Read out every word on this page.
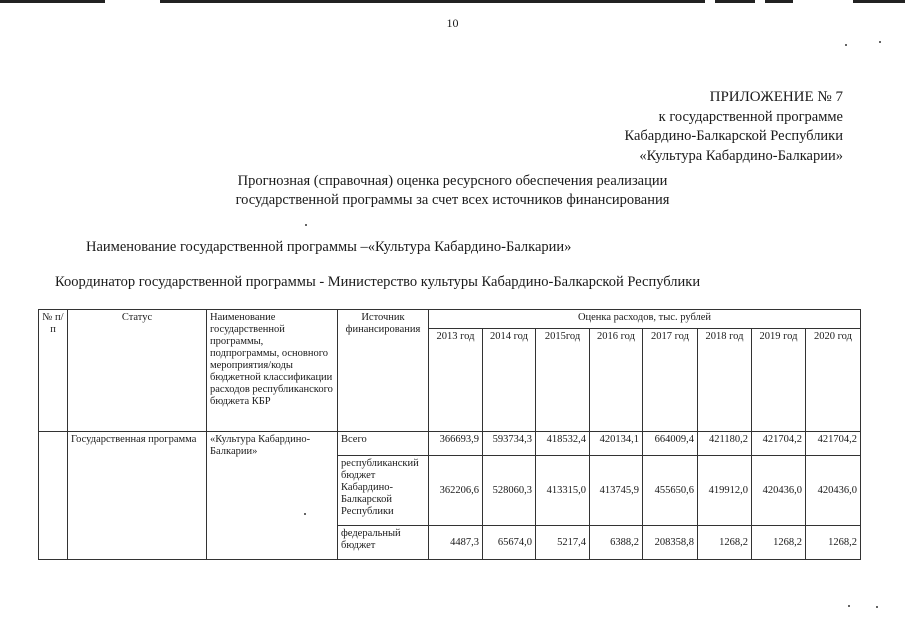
10
ПРИЛОЖЕНИЕ № 7
к государственной программе
Кабардино-Балкарской Республики
«Культура Кабардино-Балкарии»
Прогнозная (справочная) оценка ресурсного обеспечения реализации
государственной программы за счет всех источников финансирования
Наименование государственной программы –«Культура Кабардино-Балкарии»
Координатор государственной программы - Министерство культуры Кабардино-Балкарской Республики
№ п/п	Статус	Наименование государственной программы, подпрограммы, основного мероприятия/коды бюджетной классификации расходов республиканского бюджета КБР	Источник финансирования	Оценка расходов, тыс. рублей							
				2013 год	2014 год	2015год	2016 год	2017 год	2018 год	2019 год	2020 год
	Государственная программа	«Культура Кабардино-Балкарии»	Всего	366693,9	593734,3	418532,4	420134,1	664009,4	421180,2	421704,2	421704,2
			республиканский бюджет Кабардино-Балкарской Республики	362206,6	528060,3	413315,0	413745,9	455650,6	419912,0	420436,0	420436,0
			федеральный бюджет	4487,3	65674,0	5217,4	6388,2	208358,8	1268,2	1268,2	1268,2
